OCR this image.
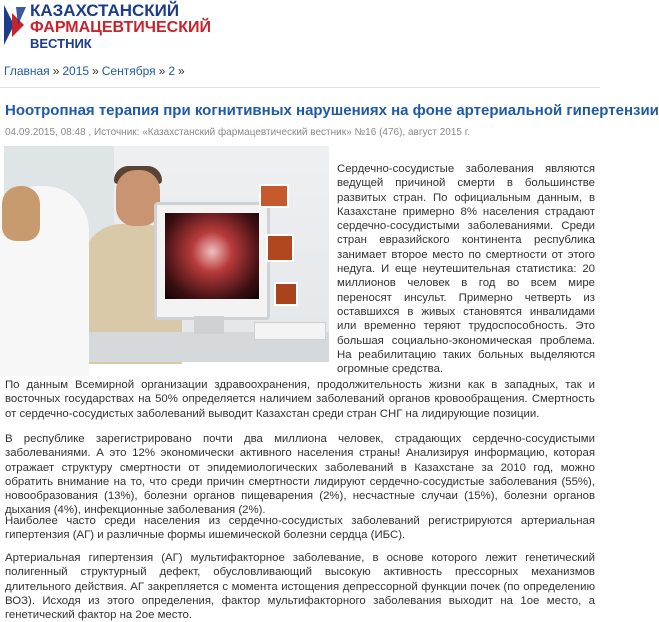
КАЗАХСТАНСКИЙ
ФАРМАЦЕВТИЧЕСКИЙ
ВЕСТНИК
Главная » 2015 » Сентября » 2 »
Ноотропная терапия при когнитивных нарушениях на фоне артериальной гипертензии
04.09.2015, 08:48 , Источник: «Казахстанский фармацевтический вестник» №16 (476), август 2015 г.

Сердечно-сосудистые заболевания являются ведущей причиной смерти в большинстве развитых стран. По официальным данным, в Казахстане примерно 8% населения страдают сердечно-сосудистыми заболеваниями. Среди стран евразийского континента республика занимает второе место по смертности от этого недуга. И еще неутешительная статистика: 20 миллионов человек в год во всем мире переносят инсульт. Примерно четверть из оставшихся в живых становятся инвалидами или временно теряют трудоспособность. Это большая социально-экономическая проблема. На реабилитацию таких больных выделяются огромные средства.

По данным Всемирной организации здравоохранения, продолжительность жизни как в западных, так и восточных государствах на 50% определяется наличием заболеваний органов кровообращения. Смертность от сердечно-сосудистых заболеваний выводит Казахстан среди стран СНГ на лидирующие позиции.

В республике зарегистрировано почти два миллиона человек, страдающих сердечно-сосудистыми заболеваниями. А это 12% экономически активного населения страны! Анализируя информацию, которая отражает структуру смертности от эпидемиологических заболеваний в Казахстане за 2010 год, можно обратить внимание на то, что среди причин смертности лидируют сердечно-сосудистые заболевания (55%), новообразования (13%), болезни органов пищеварения (2%), несчастные случаи (15%), болезни органов дыхания (4%), инфекционные заболевания (2%).

Наиболее часто среди населения из сердечно-сосудистых заболеваний регистрируются артериальная гипертензия (АГ) и различные формы ишемической болезни сердца (ИБС).

Артериальная гипертензия (АГ) мультифакторное заболевание, в основе которого лежит генетический полигенный структурный дефект, обусловливающий высокую активность прессорных механизмов длительного действия. АГ закрепляется с момента истощения депрессорной функции почек (по определению ВОЗ). Исходя из этого определения, фактор мультифакторного заболевания выходит на 1ое место, а генетический фактор на 2ое место.
